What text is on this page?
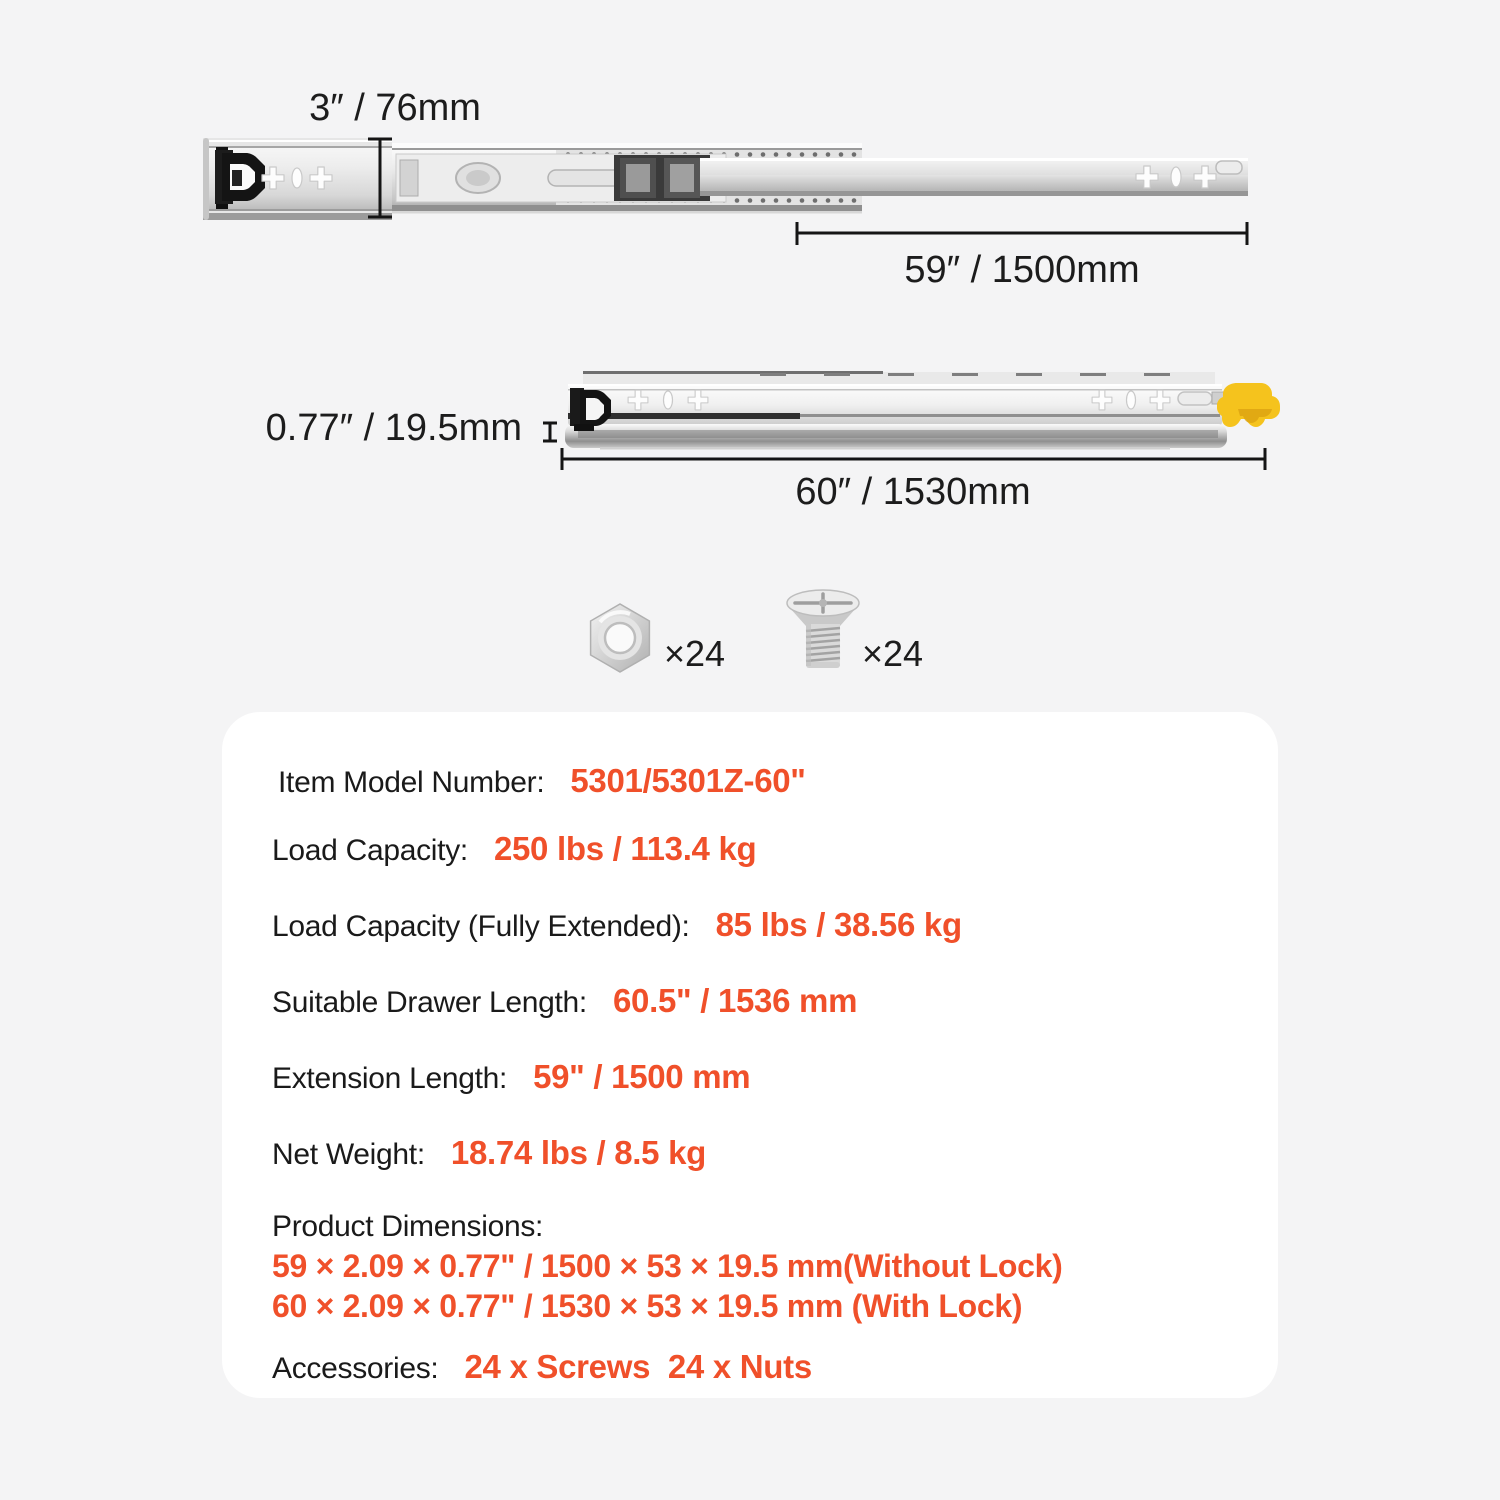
3″ / 76mm
59″ / 1500mm
0.77″ / 19.5mm
60″ / 1530mm
×24	×24
Item Model Number: 5301/5301Z-60"
Load Capacity: 250 lbs / 113.4 kg
Load Capacity (Fully Extended): 85 lbs / 38.56 kg
Suitable Drawer Length: 60.5" / 1536 mm
Extension Length: 59" / 1500 mm
Net Weight: 18.74 lbs / 8.5 kg
Product Dimensions:
59 × 2.09 × 0.77" / 1500 × 53 × 19.5 mm(Without Lock)
60 × 2.09 × 0.77" / 1530 × 53 × 19.5 mm (With Lock)
Accessories: 24 x Screws  24 x Nuts
